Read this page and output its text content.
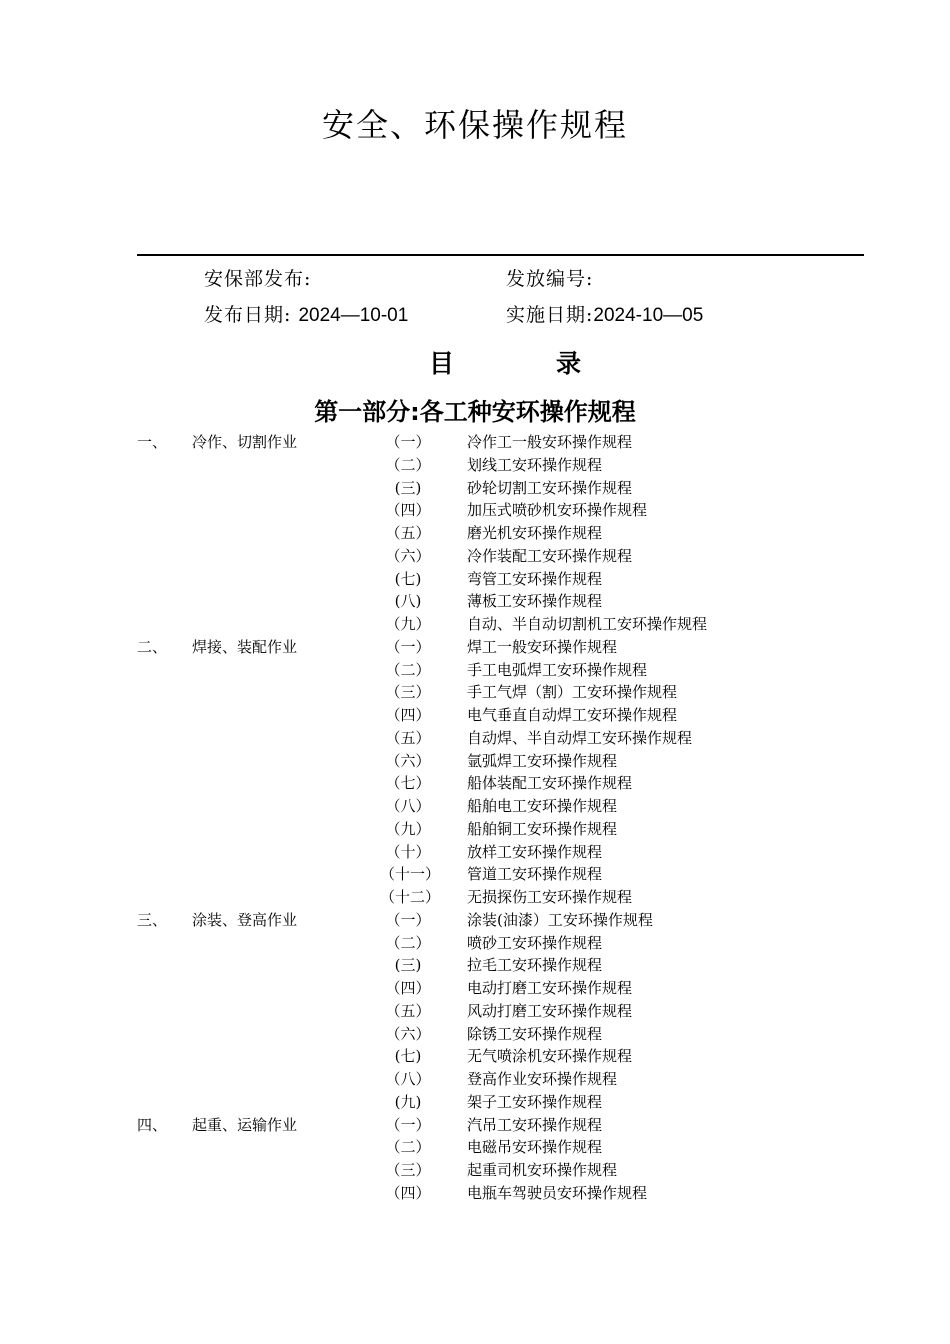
安全、环保操作规程
安保部发布:	发放编号:
发布日期: 2024—10-01	实施日期:2024-10—05
目	录
第一部分:各工种安环操作规程
一、 冷作、切割作业	（一）	冷作工一般安环操作规程
（二）	划线工安环操作规程
(三)	砂轮切割工安环操作规程
（四）	加压式喷砂机安环操作规程
（五）	磨光机安环操作规程
（六）	冷作装配工安环操作规程
(七)	弯管工安环操作规程
(八)	薄板工安环操作规程
（九）	自动、半自动切割机工安环操作规程
二、 焊接、装配作业	（一）	焊工一般安环操作规程
（二）	手工电弧焊工安环操作规程
（三）	手工气焊（割）工安环操作规程
（四）	电气垂直自动焊工安环操作规程
（五）	自动焊、半自动焊工安环操作规程
（六）	氩弧焊工安环操作规程
（七）	船体装配工安环操作规程
（八）	船舶电工安环操作规程
（九）	船舶铜工安环操作规程
（十）	放样工安环操作规程
（十一） 管道工安环操作规程
（十二） 无损探伤工安环操作规程
三、 涂装、登高作业	（一）	涂装(油漆）工安环操作规程
（二）	喷砂工安环操作规程
(三)	拉毛工安环操作规程
（四）	电动打磨工安环操作规程
（五）	风动打磨工安环操作规程
（六）	除锈工安环操作规程
(七)	无气喷涂机安环操作规程
（八）	登高作业安环操作规程
(九)	架子工安环操作规程
四、 起重、运输作业	（一）	汽吊工安环操作规程
（二）	电磁吊安环操作规程
（三）	起重司机安环操作规程
（四）	电瓶车驾驶员安环操作规程
